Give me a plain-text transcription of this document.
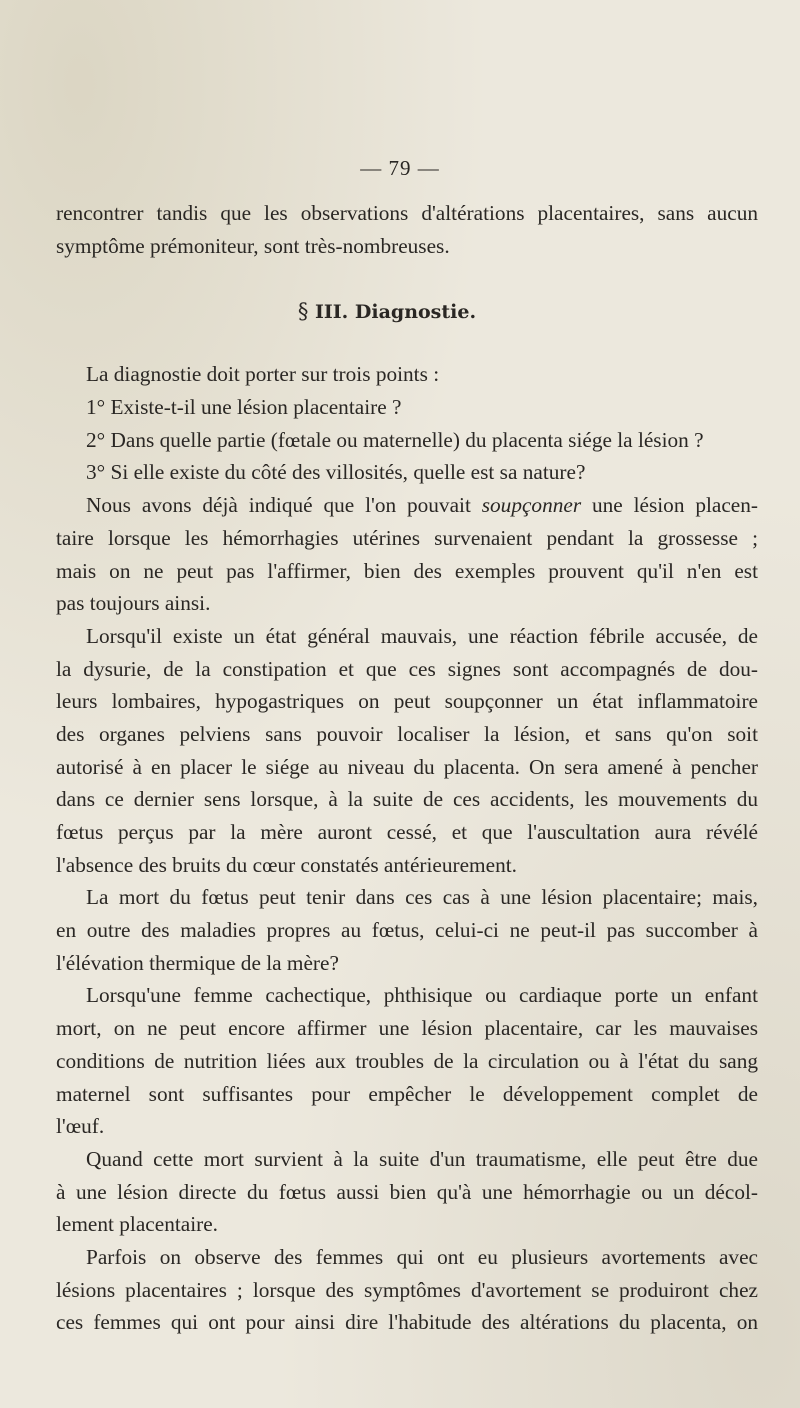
— 79 —
rencontrer tandis que les observations d'altérations placentaires, sans aucun
symptôme prémoniteur, sont très-nombreuses.
§ III. Diagnostie.
La diagnostie doit porter sur trois points :
1° Existe-t-il une lésion placentaire ?
2° Dans quelle partie (fœtale ou maternelle) du placenta siége la lésion ?
3° Si elle existe du côté des villosités, quelle est sa nature?
Nous avons déjà indiqué que l'on pouvait soupçonner une lésion placen-
taire lorsque les hémorrhagies utérines survenaient pendant la grossesse ;
mais on ne peut pas l'affirmer, bien des exemples prouvent qu'il n'en est
pas toujours ainsi.
Lorsqu'il existe un état général mauvais, une réaction fébrile accusée, de
la dysurie, de la constipation et que ces signes sont accompagnés de dou-
leurs lombaires, hypogastriques on peut soupçonner un état inflammatoire
des organes pelviens sans pouvoir localiser la lésion, et sans qu'on soit
autorisé à en placer le siége au niveau du placenta. On sera amené à pencher
dans ce dernier sens lorsque, à la suite de ces accidents, les mouvements du
fœtus perçus par la mère auront cessé, et que l'auscultation aura révélé
l'absence des bruits du cœur constatés antérieurement.
La mort du fœtus peut tenir dans ces cas à une lésion placentaire; mais,
en outre des maladies propres au fœtus, celui-ci ne peut-il pas succomber à
l'élévation thermique de la mère?
Lorsqu'une femme cachectique, phthisique ou cardiaque porte un enfant
mort, on ne peut encore affirmer une lésion placentaire, car les mauvaises
conditions de nutrition liées aux troubles de la circulation ou à l'état du sang
maternel sont suffisantes pour empêcher le développement complet de
l'œuf.
Quand cette mort survient à la suite d'un traumatisme, elle peut être due
à une lésion directe du fœtus aussi bien qu'à une hémorrhagie ou un décol-
lement placentaire.
Parfois on observe des femmes qui ont eu plusieurs avortements avec
lésions placentaires ; lorsque des symptômes d'avortement se produiront chez
ces femmes qui ont pour ainsi dire l'habitude des altérations du placenta, on
